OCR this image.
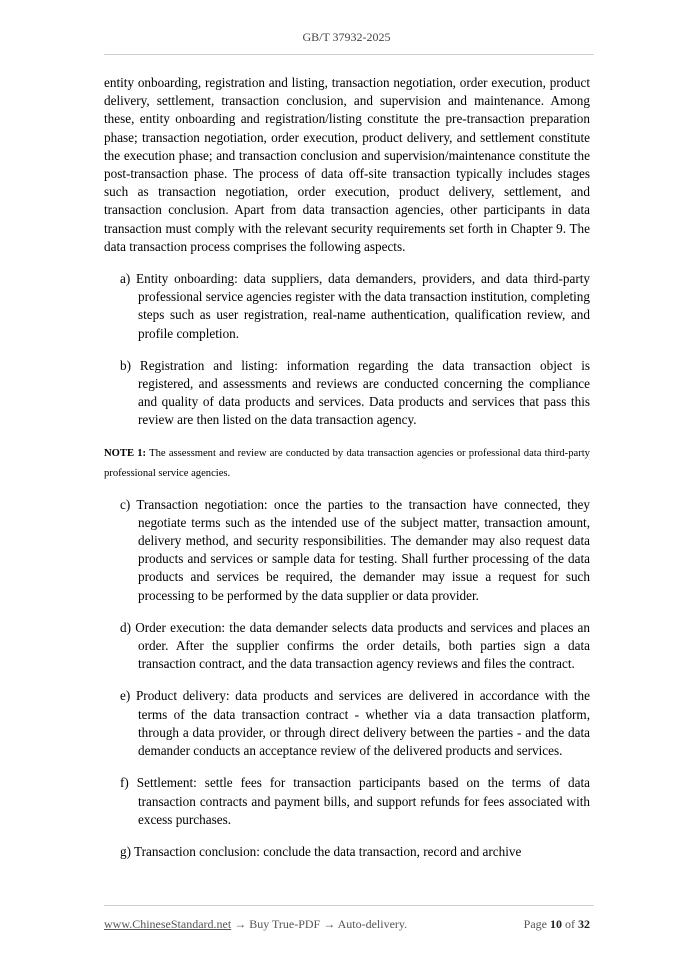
GB/T 37932-2025

entity onboarding, registration and listing, transaction negotiation, order execution, product delivery, settlement, transaction conclusion, and supervision and maintenance. Among these, entity onboarding and registration/listing constitute the pre-transaction preparation phase; transaction negotiation, order execution, product delivery, and settlement constitute the execution phase; and transaction conclusion and supervision/maintenance constitute the post-transaction phase. The process of data off-site transaction typically includes stages such as transaction negotiation, order execution, product delivery, settlement, and transaction conclusion. Apart from data transaction agencies, other participants in data transaction must comply with the relevant security requirements set forth in Chapter 9. The data transaction process comprises the following aspects.

a) Entity onboarding: data suppliers, data demanders, providers, and data third-party professional service agencies register with the data transaction institution, completing steps such as user registration, real-name authentication, qualification review, and profile completion.

b) Registration and listing: information regarding the data transaction object is registered, and assessments and reviews are conducted concerning the compliance and quality of data products and services. Data products and services that pass this review are then listed on the data transaction agency.

NOTE 1: The assessment and review are conducted by data transaction agencies or professional data third-party professional service agencies.

c) Transaction negotiation: once the parties to the transaction have connected, they negotiate terms such as the intended use of the subject matter, transaction amount, delivery method, and security responsibilities. The demander may also request data products and services or sample data for testing. Shall further processing of the data products and services be required, the demander may issue a request for such processing to be performed by the data supplier or data provider.

d) Order execution: the data demander selects data products and services and places an order. After the supplier confirms the order details, both parties sign a data transaction contract, and the data transaction agency reviews and files the contract.

e) Product delivery: data products and services are delivered in accordance with the terms of the data transaction contract - whether via a data transaction platform, through a data provider, or through direct delivery between the parties - and the data demander conducts an acceptance review of the delivered products and services.

f) Settlement: settle fees for transaction participants based on the terms of data transaction contracts and payment bills, and support refunds for fees associated with excess purchases.

g) Transaction conclusion: conclude the data transaction, record and archive

www.ChineseStandard.net → Buy True-PDF → Auto-delivery.	Page 10 of 32
